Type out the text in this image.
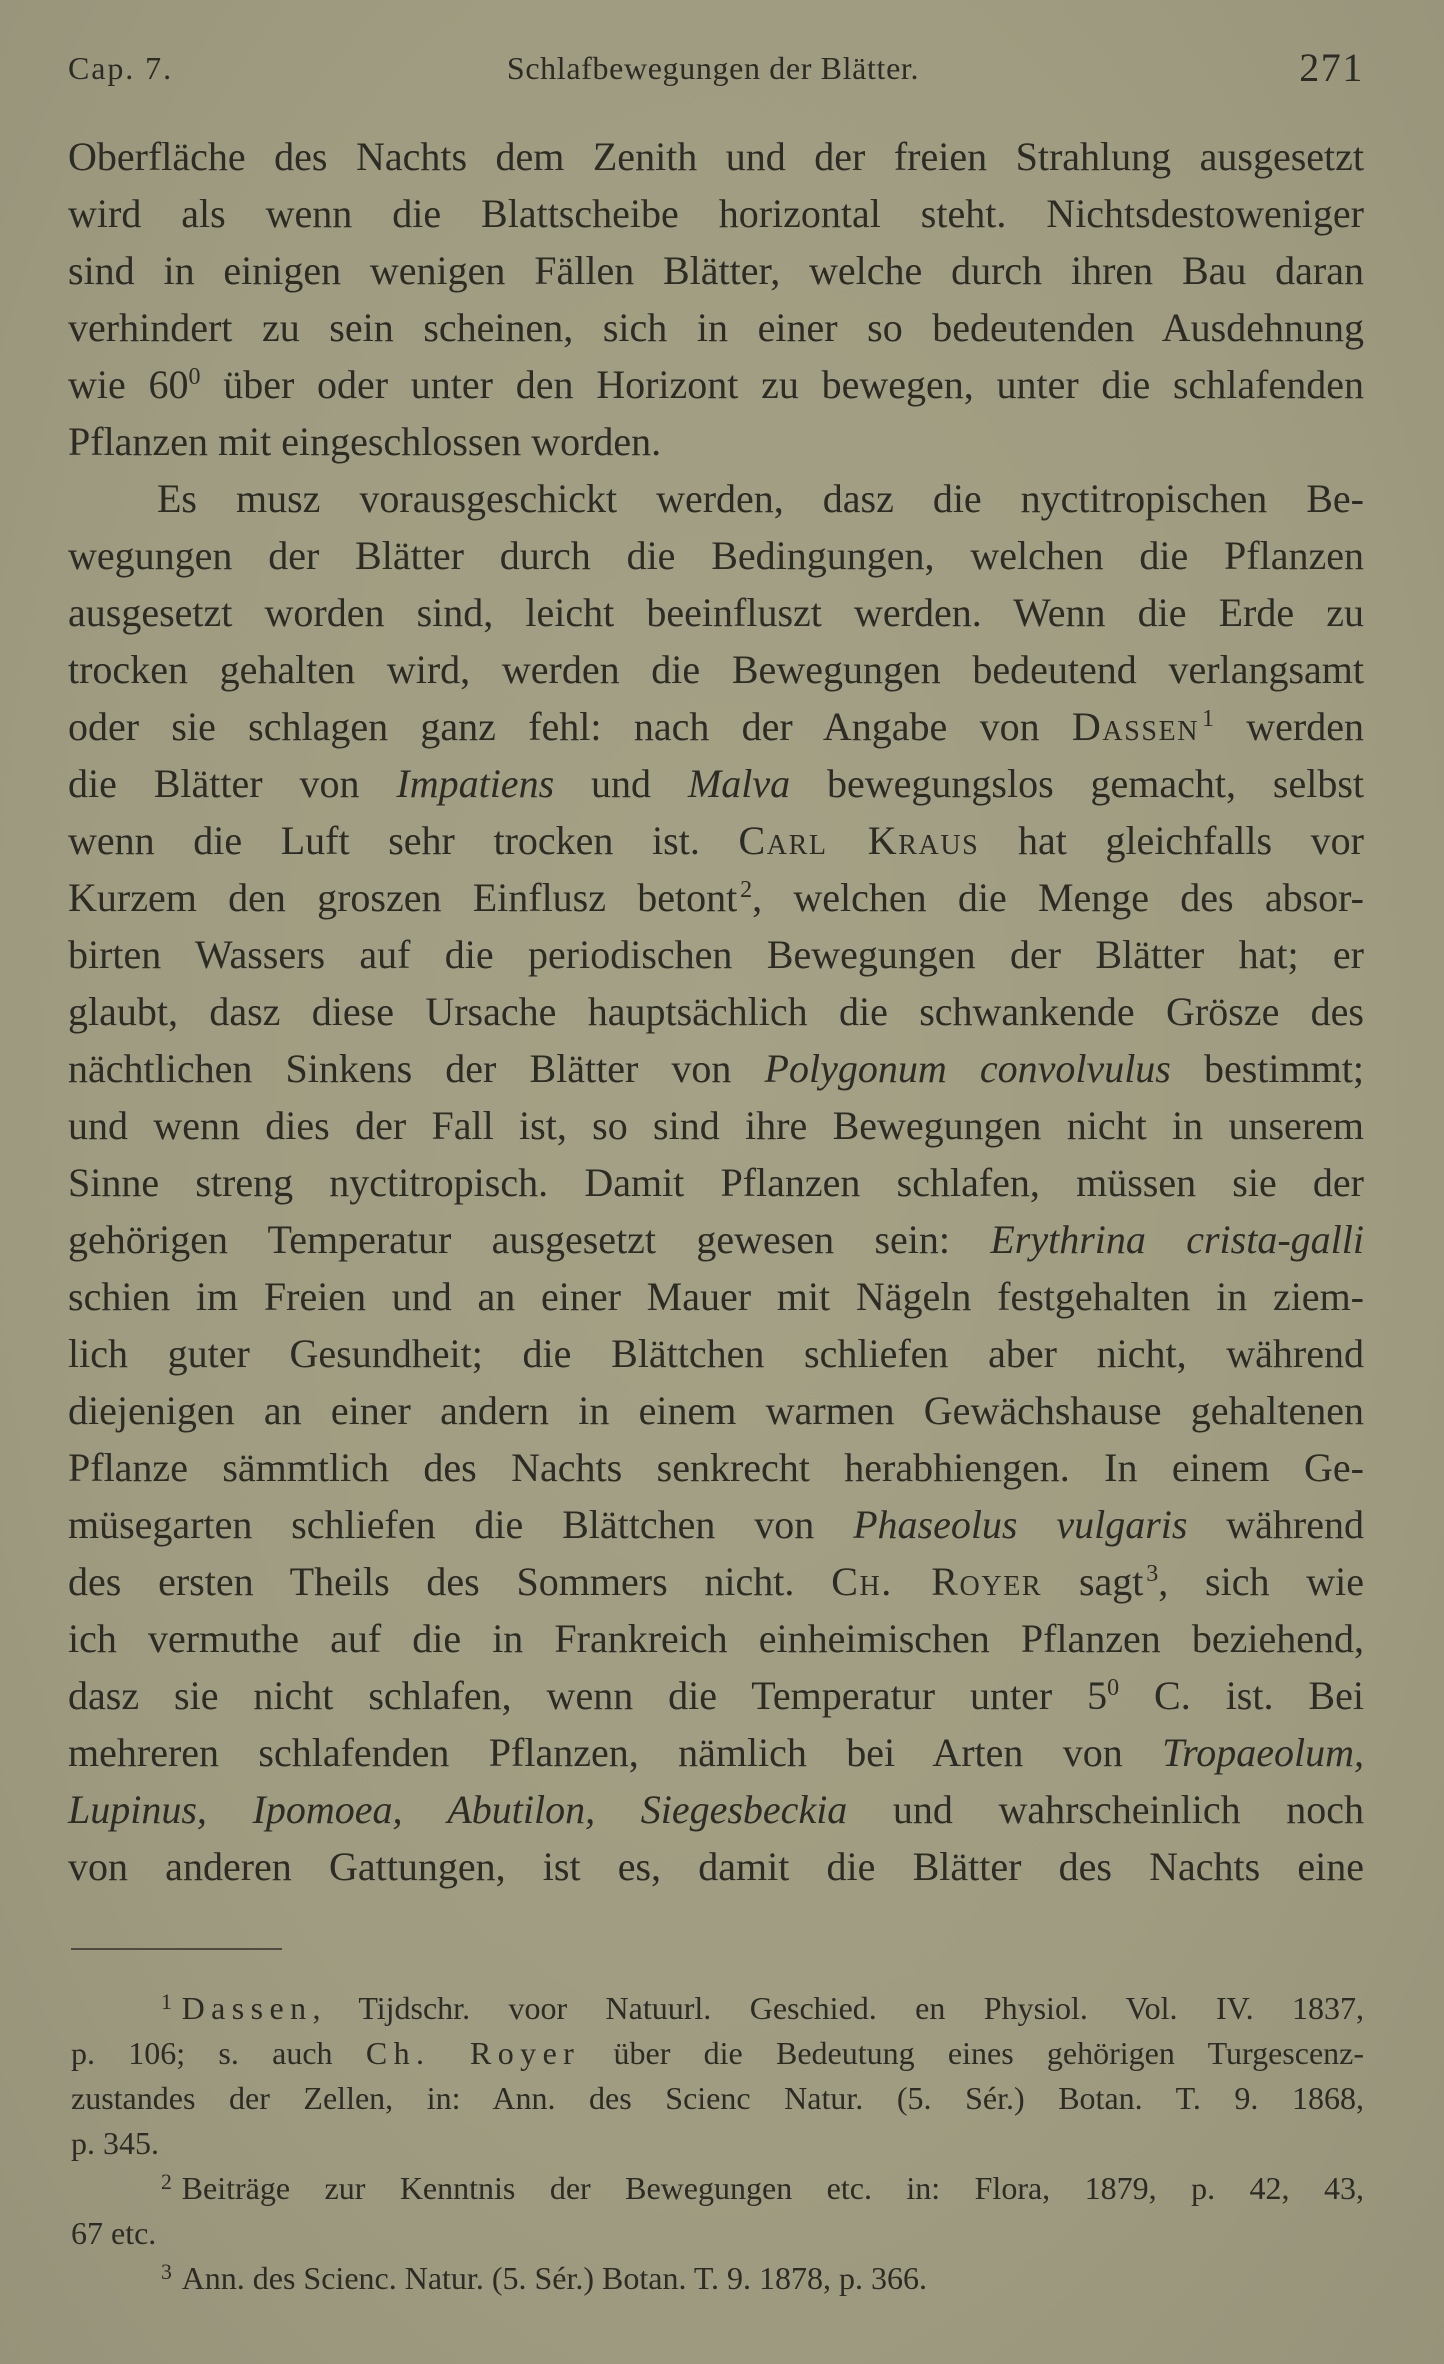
Cap. 7.	Schlafbewegungen der Blätter.	271
Oberfläche des Nachts dem Zenith und der freien Strahlung ausgesetzt
wird als wenn die Blattscheibe horizontal steht. Nichtsdestoweniger
sind in einigen wenigen Fällen Blätter, welche durch ihren Bau daran
verhindert zu sein scheinen, sich in einer so bedeutenden Ausdehnung
wie $60^0$ über oder unter den Horizont zu bewegen, unter die schlafenden
Pflanzen mit eingeschlossen worden.
Es musz vorausgeschickt werden, dasz die nyctitropischen Be-
wegungen der Blätter durch die Bedingungen, welchen die Pflanzen
ausgesetzt worden sind, leicht beeinfluszt werden. Wenn die Erde zu
trocken gehalten wird, werden die Bewegungen bedeutend verlangsamt
oder sie schlagen ganz fehl: nach der Angabe von Dassen $^1$ werden
die Blätter von Impatiens und Malva bewegungslos gemacht, selbst
wenn die Luft sehr trocken ist. Carl Kraus hat gleichfalls vor
Kurzem den groszen Einflusz betont $^2$, welchen die Menge des absor-
birten Wassers auf die periodischen Bewegungen der Blätter hat; er
glaubt, dasz diese Ursache hauptsächlich die schwankende Grösze des
nächtlichen Sinkens der Blätter von Polygonum convolvulus bestimmt;
und wenn dies der Fall ist, so sind ihre Bewegungen nicht in unserem
Sinne streng nyctitropisch. Damit Pflanzen schlafen, müssen sie der
gehörigen Temperatur ausgesetzt gewesen sein: Erythrina crista-galli
schien im Freien und an einer Mauer mit Nägeln festgehalten in ziem-
lich guter Gesundheit; die Blättchen schliefen aber nicht, während
diejenigen an einer andern in einem warmen Gewächshause gehaltenen
Pflanze sämmtlich des Nachts senkrecht herabhiengen. In einem Ge-
müsegarten schliefen die Blättchen von Phaseolus vulgaris während
des ersten Theils des Sommers nicht. Ch. Royer sagt $^3$, sich wie
ich vermuthe auf die in Frankreich einheimischen Pflanzen beziehend,
dasz sie nicht schlafen, wenn die Temperatur unter $5^0$ C. ist. Bei
mehreren schlafenden Pflanzen, nämlich bei Arten von Tropaeolum,
Lupinus, Ipomoea, Abutilon, Siegesbeckia und wahrscheinlich noch
von anderen Gattungen, ist es, damit die Blätter des Nachts eine
$^1$ Dassen, Tijdschr. voor Natuurl. Geschied. en Physiol. Vol. IV. 1837,
p. 106; s. auch Ch. Royer über die Bedeutung eines gehörigen Turgescenz-
zustandes der Zellen, in: Ann. des Scienc Natur. (5. Sér.) Botan. T. 9. 1868,
p. 345.
$^2$ Beiträge zur Kenntnis der Bewegungen etc. in: Flora, 1879, p. 42, 43,
67 etc.
$^3$ Ann. des Scienc. Natur. (5. Sér.) Botan. T. 9. 1878, p. 366.
